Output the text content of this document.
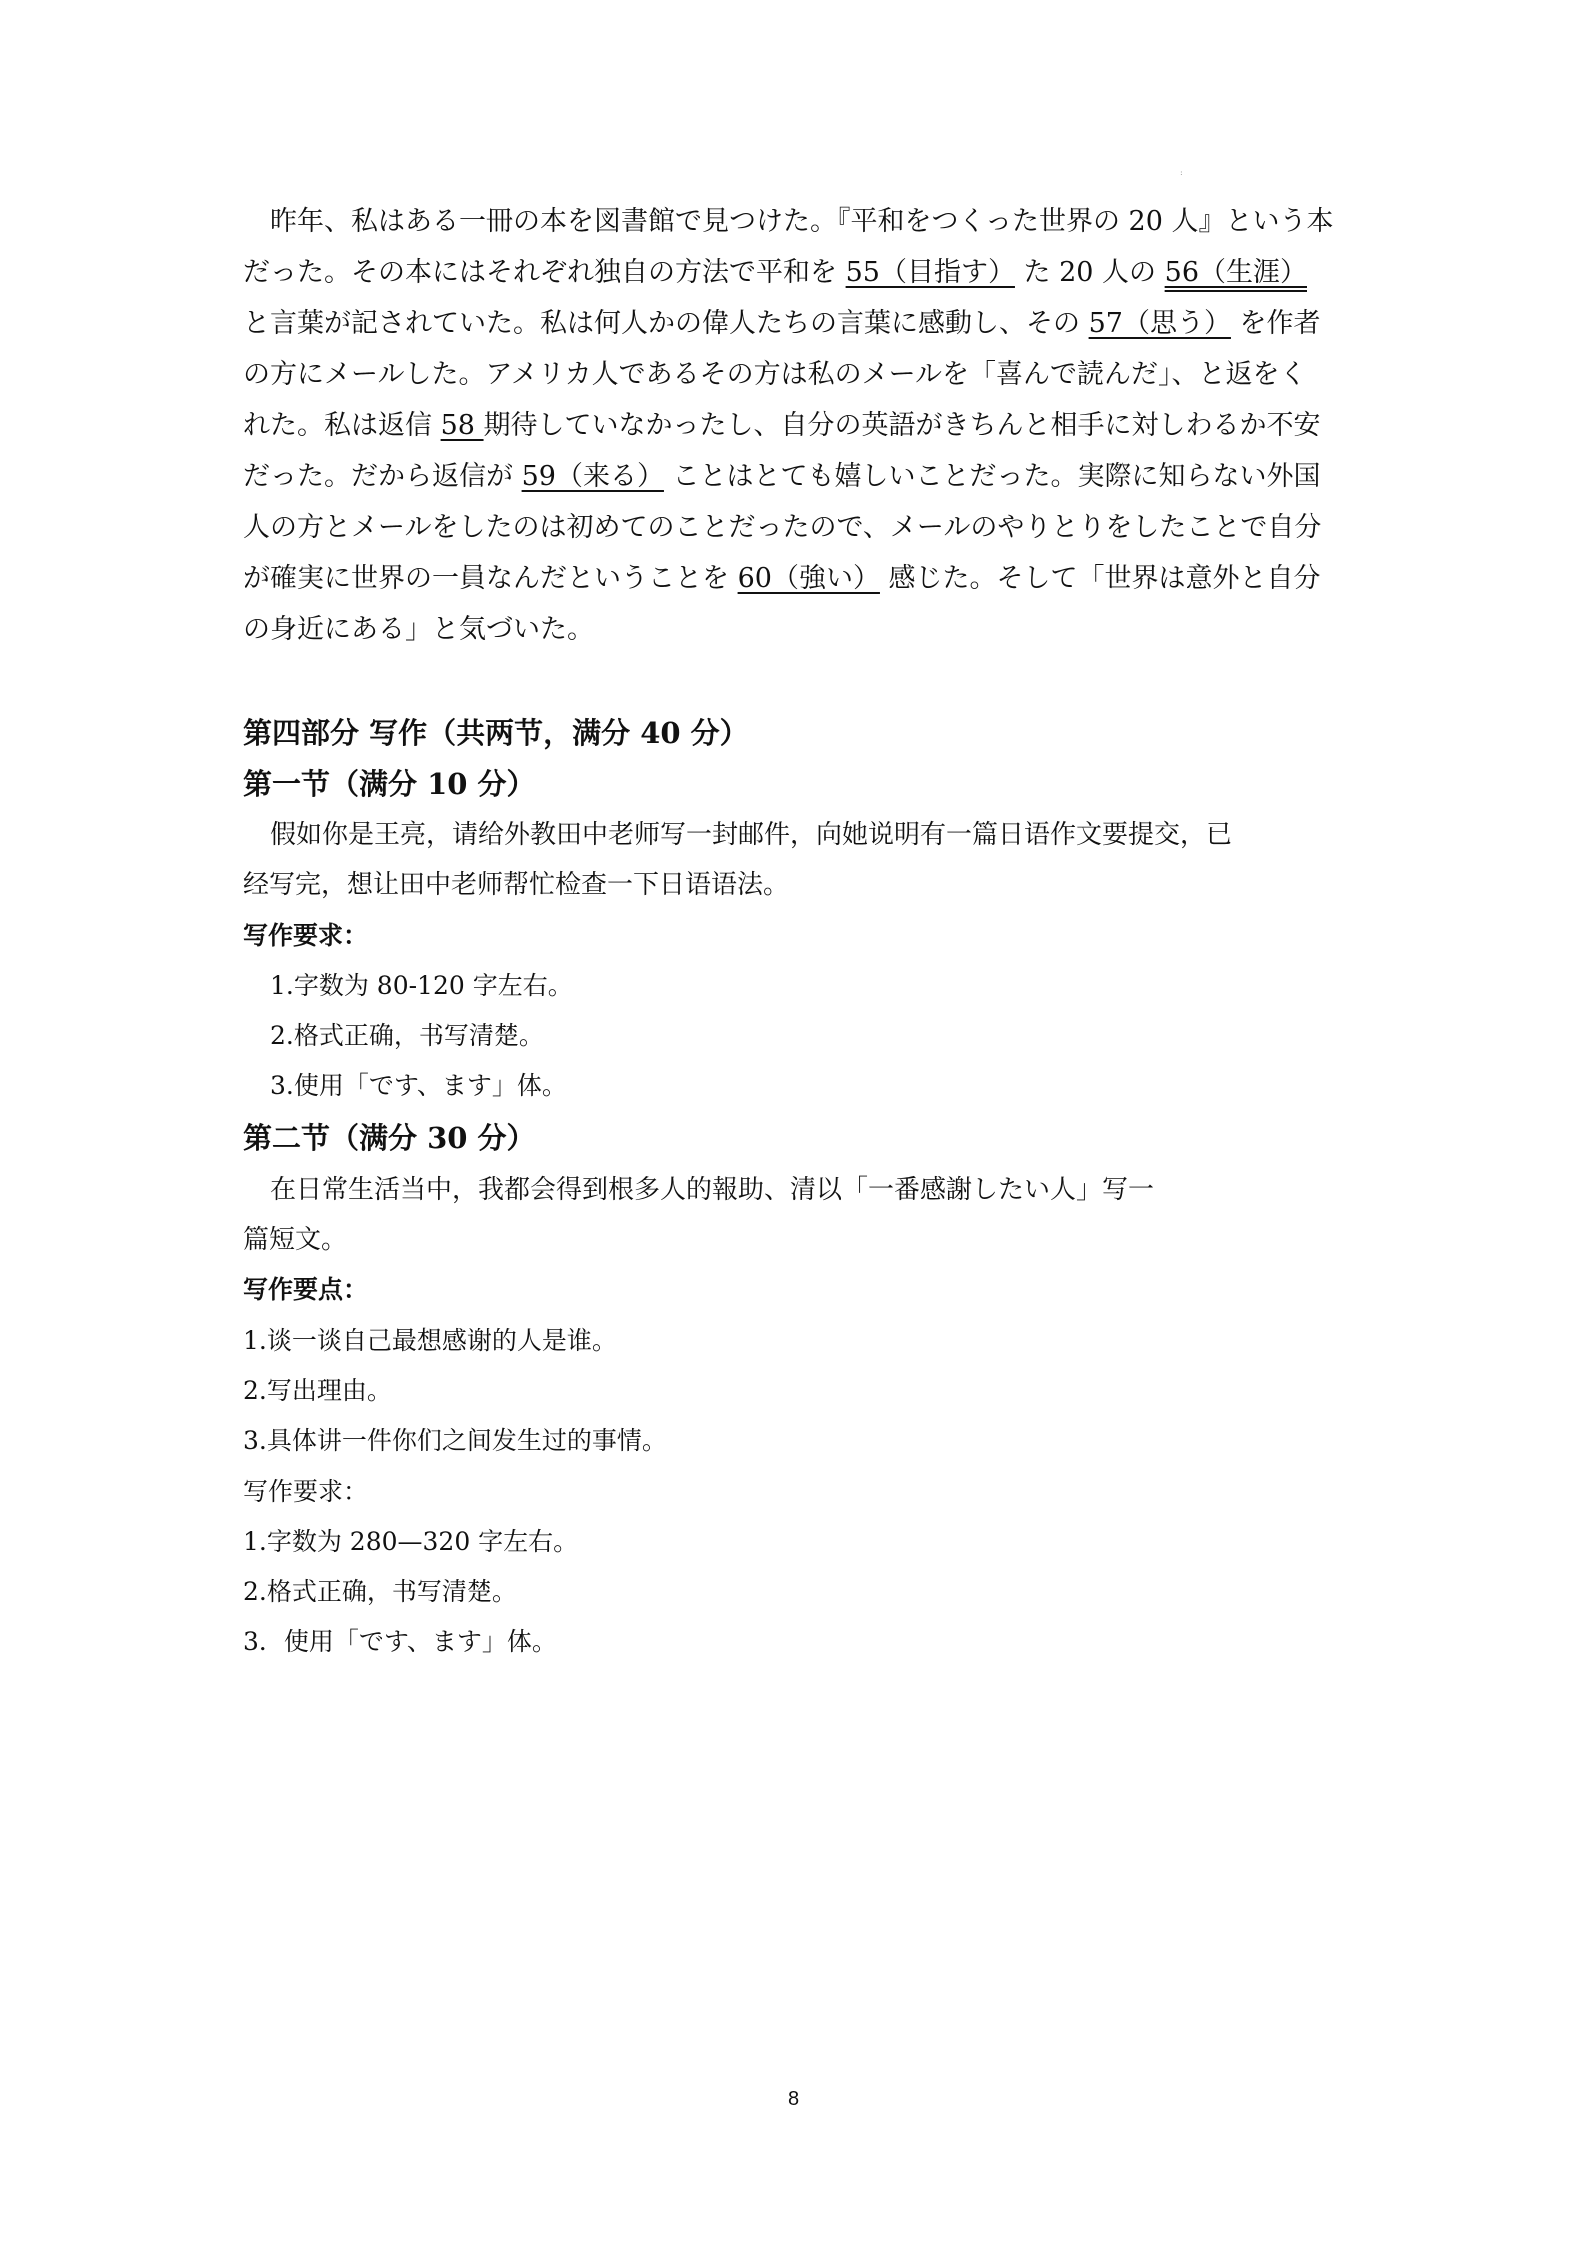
:
　昨年、私はある一冊の本を図書館で見つけた。『平和をつくった世界の 20 人』という本
だった。その本にはそれぞれ独自の方法で平和を 55（目指す） た 20 人の 56（生涯）
と言葉が記されていた。私は何人かの偉人たちの言葉に感動し、その 57（思う） を作者
の方にメールした。アメリカ人であるその方は私のメールを「喜んで読んだ」、と返をく
れた。私は返信 58 期待していなかったし、自分の英語がきちんと相手に対しわるか不安
だった。だから返信が 59（来る） ことはとても嬉しいことだった。実際に知らない外国
人の方とメールをしたのは初めてのことだったので、メールのやりとりをしたことで自分
が確実に世界の一員なんだということを 60（強い） 感じた。そして「世界は意外と自分
の身近にある」と気づいた。
第四部分 写作（共两节，满分 40 分）
第一节（满分 10 分）
假如你是王亮，请给外教田中老师写一封邮件，向她说明有一篇日语作文要提交，已
经写完，想让田中老师帮忙检查一下日语语法。
写作要求：
1.字数为 80-120 字左右。
2.格式正确，书写清楚。
3.使用「です、ます」体。
第二节（满分 30 分）
在日常生活当中，我都会得到根多人的報助、清以「一番感謝したい人」写一
篇短文。
写作要点：
1.谈一谈自己最想感谢的人是谁。
2.写出理由。
3.具体讲一件你们之间发生过的事情。
写作要求：
1.字数为 280—320 字左右。
2.格式正确，书写清楚。
3．使用「です、ます」体。
8
